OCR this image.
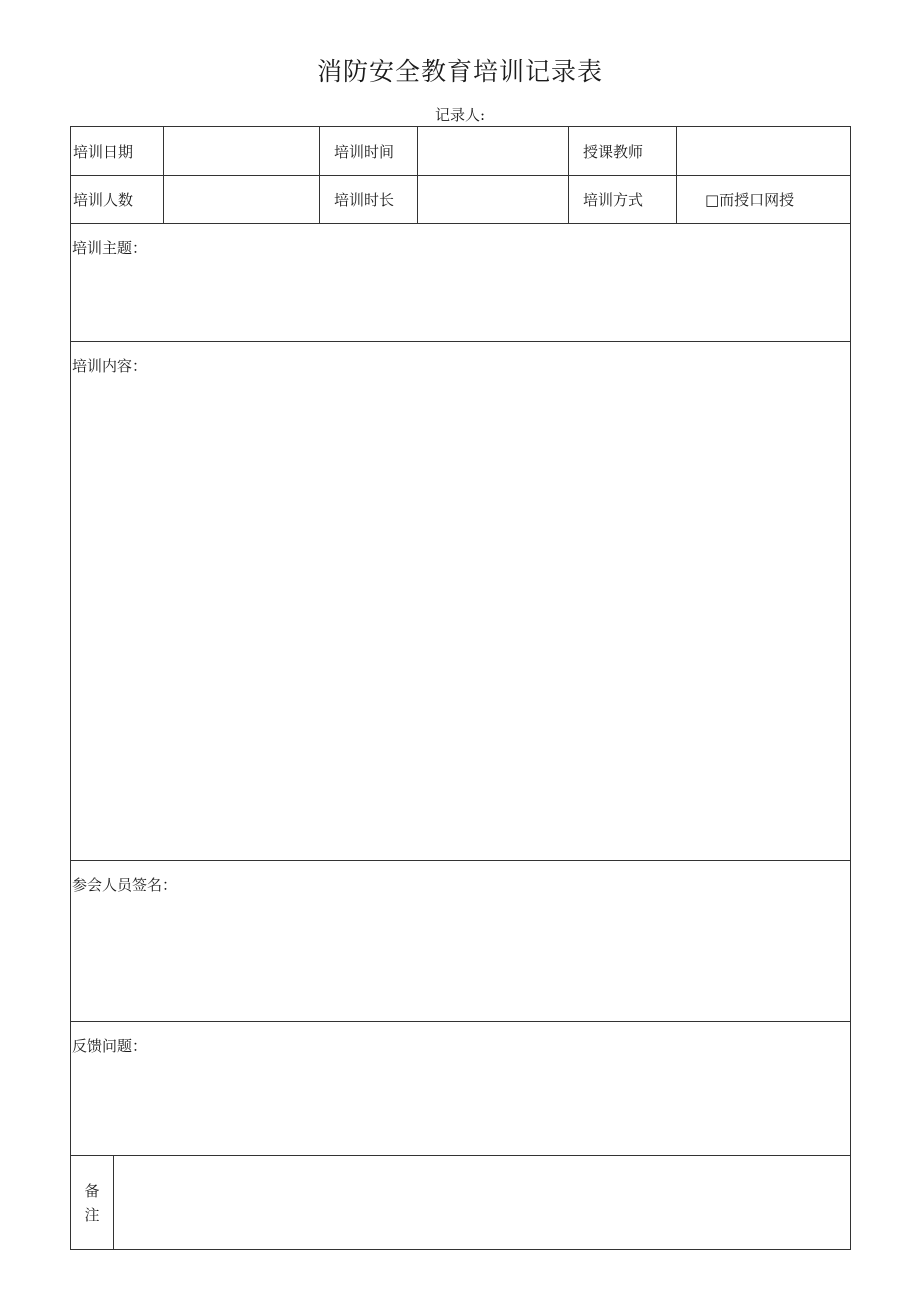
消防安全教育培训记录表
记录人:
培训日期	培训时间	授课教师
培训人数	培训时长	培训方式	□而授口网授
培训主题：
培训内容：
参会人员签名：
反馈问题：
备
注
